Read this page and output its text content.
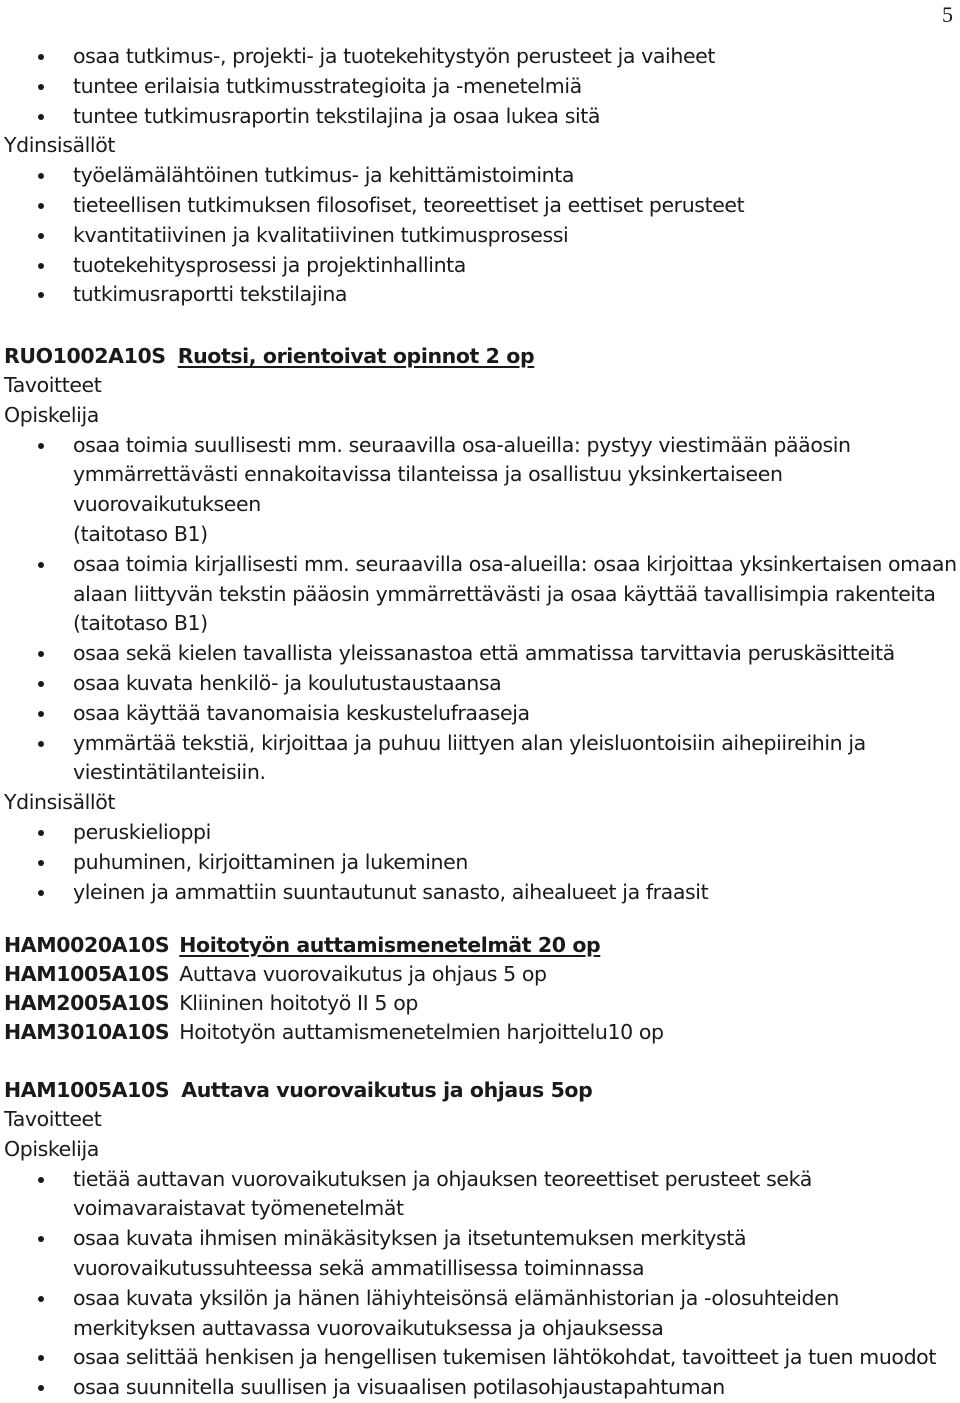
5
osaa tutkimus-, projekti- ja tuotekehitystyön perusteet ja vaiheet
tuntee erilaisia tutkimusstrategioita ja -menetelmiä
tuntee tutkimusraportin tekstilajina ja osaa lukea sitä
Ydinsisällöt
työelämälähtöinen tutkimus- ja kehittämistoiminta
tieteellisen tutkimuksen filosofiset, teoreettiset ja eettiset perusteet
kvantitatiivinen ja kvalitatiivinen tutkimusprosessi
tuotekehitysprosessi ja projektinhallinta
tutkimusraportti tekstilajina
RUO1002A10S Ruotsi, orientoivat opinnot 2 op
Tavoitteet
Opiskelija
osaa toimia suullisesti mm. seuraavilla osa-alueilla: pystyy viestimään pääosin ymmärrettävästi ennakoitavissa tilanteissa ja osallistuu yksinkertaiseen vuorovaikutukseen
(taitotaso B1)
osaa toimia kirjallisesti mm. seuraavilla osa-alueilla: osaa kirjoittaa yksinkertaisen omaan alaan liittyvän tekstin pääosin ymmärrettävästi ja osaa käyttää tavallisimpia rakenteita (taitotaso B1)
osaa sekä kielen tavallista yleissanastoa että ammatissa tarvittavia peruskäsitteitä
osaa kuvata henkilö- ja koulutustaustaansa
osaa käyttää tavanomaisia keskustelufraaseja
ymmärtää tekstiä, kirjoittaa ja puhuu liittyen alan yleisluontoisiin aihepiireihin ja viestintätilanteisiin.
Ydinsisällöt
peruskielioppi
puhuminen, kirjoittaminen ja lukeminen
yleinen ja ammattiin suuntautunut sanasto, aihealueet ja fraasit
HAM0020A10S Hoitotyön auttamismenetelmät 20 op
HAM1005A10S Auttava vuorovaikutus ja ohjaus 5 op
HAM2005A10S Kliininen hoitotyö II 5 op
HAM3010A10S Hoitotyön auttamismenetelmien harjoittelu10 op
HAM1005A10S Auttava vuorovaikutus ja ohjaus 5op
Tavoitteet
Opiskelija
tietää auttavan vuorovaikutuksen ja ohjauksen teoreettiset perusteet sekä voimavaraistavat työmenetelmät
osaa kuvata ihmisen minäkäsityksen ja itsetuntemuksen merkitystä vuorovaikutussuhteessa sekä ammatillisessa toiminnassa
osaa kuvata yksilön ja hänen lähiyhteisönsä elämänhistorian ja -olosuhteiden merkityksen auttavassa vuorovaikutuksessa ja ohjauksessa
osaa selittää henkisen ja hengellisen tukemisen lähtökohdat, tavoitteet ja tuen muodot
osaa suunnitella suullisen ja visuaalisen potilasohjaustapahtuman
